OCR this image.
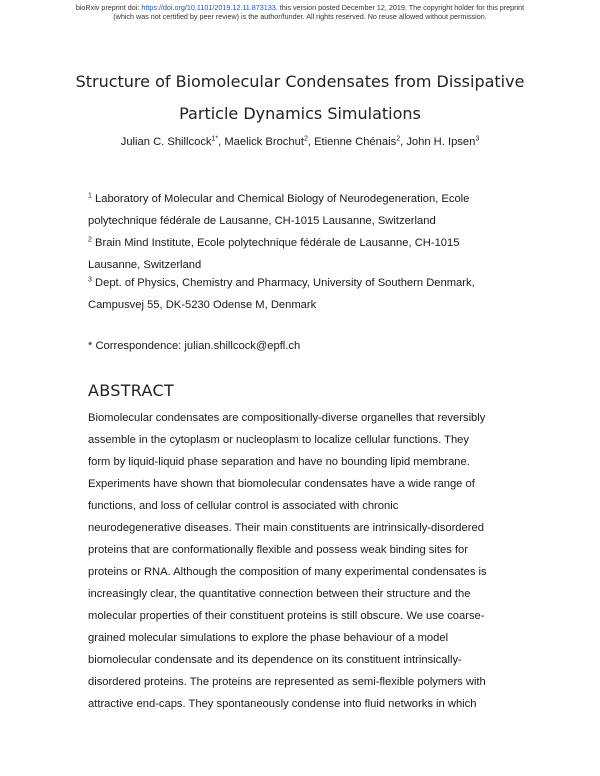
bioRxiv preprint doi: https://doi.org/10.1101/2019.12.11.873133. this version posted December 12, 2019. The copyright holder for this preprint
(which was not certified by peer review) is the author/funder. All rights reserved. No reuse allowed without permission.
Structure of Biomolecular Condensates from Dissipative
Particle Dynamics Simulations
Julian C. Shillcock$^{1*}$, Maelick Brochut$^2$, Etienne Chénais$^2$, John H. Ipsen$^3$
$^1$ Laboratory of Molecular and Chemical Biology of Neurodegeneration, Ecole
polytechnique fédérale de Lausanne, CH-1015 Lausanne, Switzerland
$^2$ Brain Mind Institute, Ecole polytechnique fédérale de Lausanne, CH-1015
Lausanne, Switzerland
$^3$ Dept. of Physics, Chemistry and Pharmacy, University of Southern Denmark,
Campusvej 55, DK-5230 Odense M, Denmark
* Correspondence: julian.shillcock@epfl.ch
ABSTRACT
Biomolecular condensates are compositionally-diverse organelles that reversibly
assemble in the cytoplasm or nucleoplasm to localize cellular functions. They
form by liquid-liquid phase separation and have no bounding lipid membrane.
Experiments have shown that biomolecular condensates have a wide range of
functions, and loss of cellular control is associated with chronic
neurodegenerative diseases. Their main constituents are intrinsically-disordered
proteins that are conformationally flexible and possess weak binding sites for
proteins or RNA. Although the composition of many experimental condensates is
increasingly clear, the quantitative connection between their structure and the
molecular properties of their constituent proteins is still obscure. We use coarse-
grained molecular simulations to explore the phase behaviour of a model
biomolecular condensate and its dependence on its constituent intrinsically-
disordered proteins. The proteins are represented as semi-flexible polymers with
attractive end-caps. They spontaneously condense into fluid networks in which
